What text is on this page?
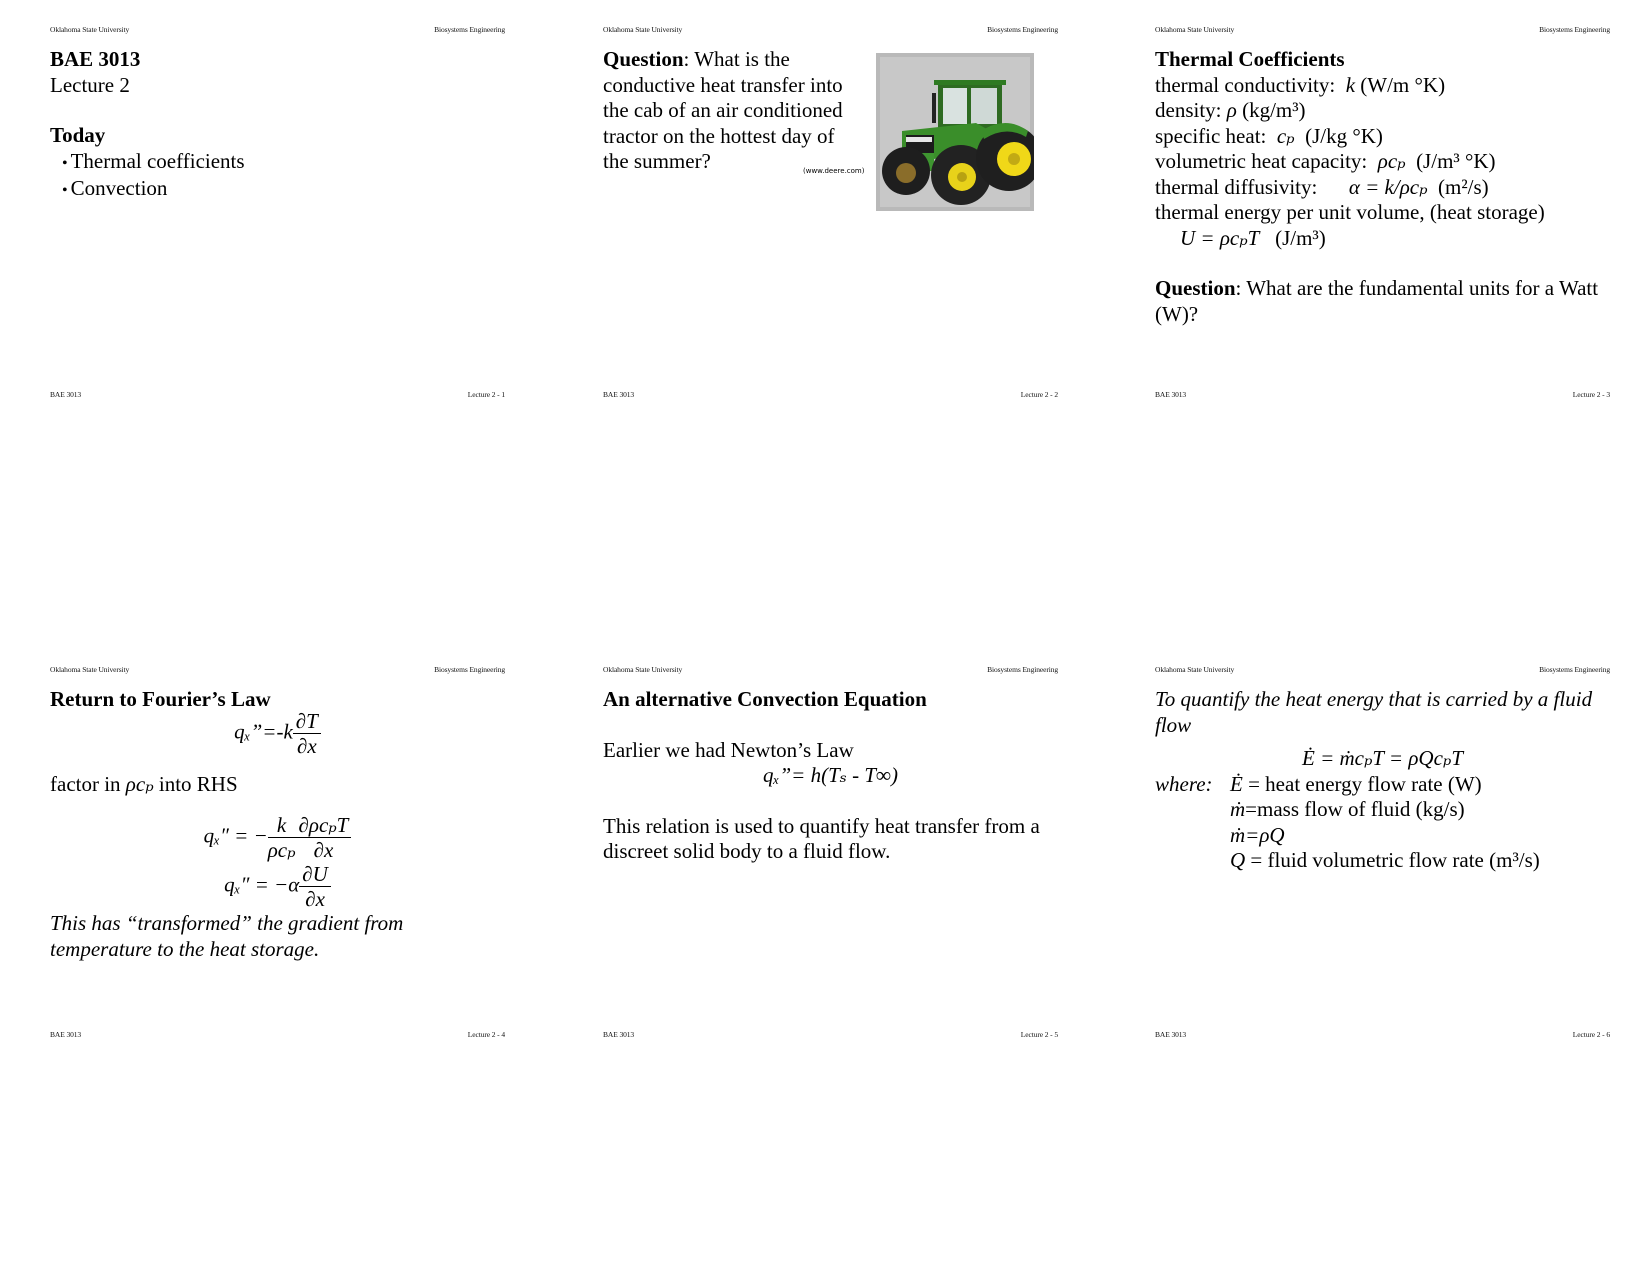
Oklahoma State University	Biosystems Engineering
BAE 3013
Lecture 2
Today
• Thermal coefficients
• Convection
BAE 3013	Lecture 2 - 1
Oklahoma State University	Biosystems Engineering
Question: What is the conductive heat transfer into the cab of an air conditioned tractor on the hottest day of the summer?	(www.deere.com)
BAE 3013	Lecture 2 - 2
Oklahoma State University	Biosystems Engineering
Thermal Coefficients
thermal conductivity:  k (W/m °K)
density: ρ (kg/m³)
specific heat:  cₚ  (J/kg °K)
volumetric heat capacity:  ρcₚ  (J/m³ °K)
thermal diffusivity:      α = k/ρcₚ  (m²/s)
thermal energy per unit volume, (heat storage)
U = ρcₚT   (J/m³)
Question: What are the fundamental units for a Watt (W)?
BAE 3013	Lecture 2 - 3
Oklahoma State University	Biosystems Engineering
Return to Fourier’s Law
qₓ”=-k $\frac{\partial T}{\partial x}$
factor in ρcₚ into RHS
qₓ″ = − $\frac{k}{\text{ρcₚ}} \frac{\text{∂ρcₚT}}{\partial x}$
$q_x'' = -\alpha \frac{\partial U}{\partial x}$
This has “transformed” the gradient from temperature to the heat storage.
BAE 3013	Lecture 2 - 4
Oklahoma State University	Biosystems Engineering
An alternative Convection Equation
Earlier we had Newton’s Law
qₓ”= h(Tₛ - T∞)
This relation is used to quantify heat transfer from a discreet solid body to a fluid flow.
BAE 3013	Lecture 2 - 5
Oklahoma State University	Biosystems Engineering
To quantify the heat energy that is carried by a fluid flow
Ė = ṁcₚT = ρQcₚT
where: Ė = heat energy flow rate (W)
ṁ=mass flow of fluid (kg/s)
ṁ=ρQ
Q = fluid volumetric flow rate (m³/s)
BAE 3013	Lecture 2 - 6
